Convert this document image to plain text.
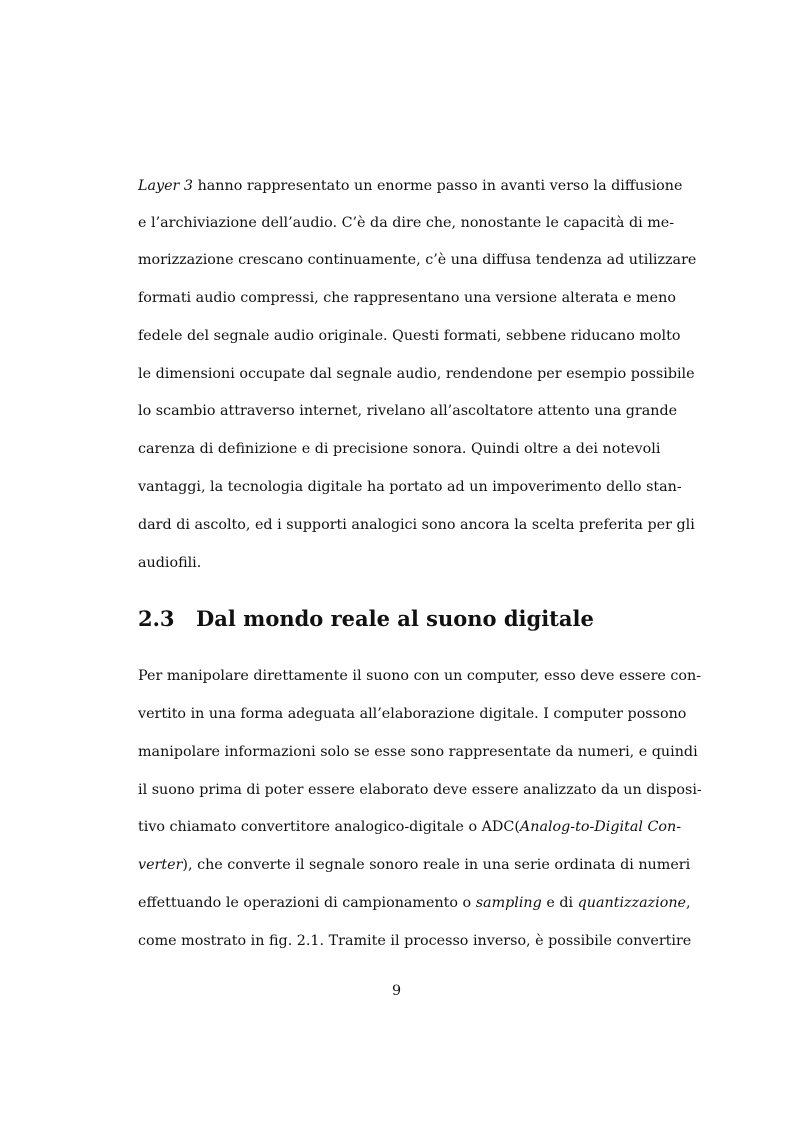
Layer 3 hanno rappresentato un enorme passo in avanti verso la diffusione
e l’archiviazione dell’audio. C’è da dire che, nonostante le capacità di me-
morizzazione crescano continuamente, c’è una diffusa tendenza ad utilizzare
formati audio compressi, che rappresentano una versione alterata e meno
fedele del segnale audio originale. Questi formati, sebbene riducano molto
le dimensioni occupate dal segnale audio, rendendone per esempio possibile
lo scambio attraverso internet, rivelano all’ascoltatore attento una grande
carenza di definizione e di precisione sonora. Quindi oltre a dei notevoli
vantaggi, la tecnologia digitale ha portato ad un impoverimento dello stan-
dard di ascolto, ed i supporti analogici sono ancora la scelta preferita per gli
audiofili.
2.3 Dal mondo reale al suono digitale
Per manipolare direttamente il suono con un computer, esso deve essere con-
vertito in una forma adeguata all’elaborazione digitale. I computer possono
manipolare informazioni solo se esse sono rappresentate da numeri, e quindi
il suono prima di poter essere elaborato deve essere analizzato da un disposi-
tivo chiamato convertitore analogico-digitale o ADC(Analog-to-Digital Con-
verter), che converte il segnale sonoro reale in una serie ordinata di numeri
effettuando le operazioni di campionamento o sampling e di quantizzazione,
come mostrato in fig. 2.1. Tramite il processo inverso, è possibile convertire
9
